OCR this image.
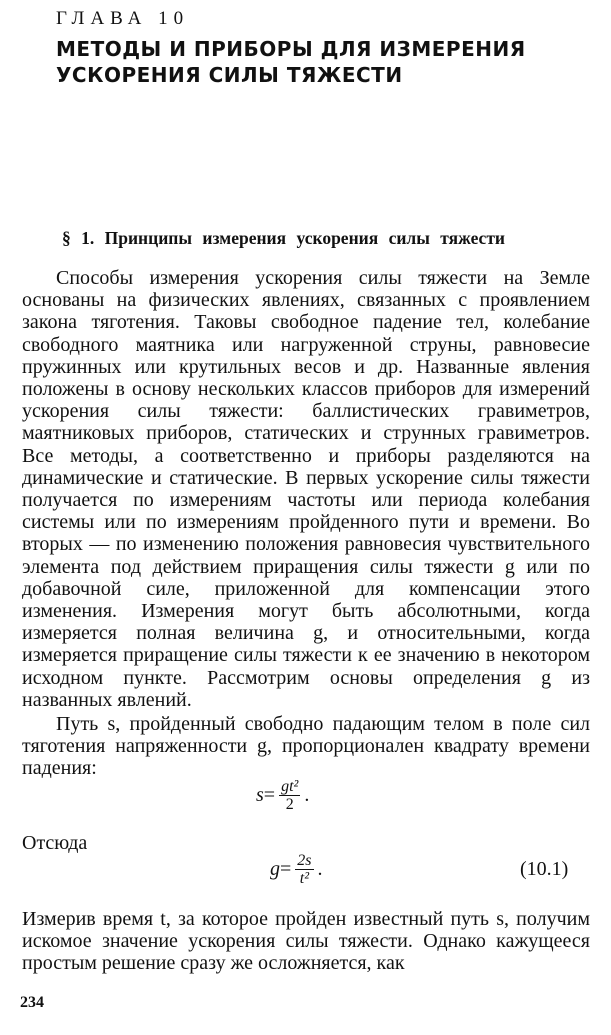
ГЛАВА 10
МЕТОДЫ И ПРИБОРЫ ДЛЯ ИЗМЕРЕНИЯ
УСКОРЕНИЯ СИЛЫ ТЯЖЕСТИ
§ 1. Принципы измерения ускорения силы тяжести
Способы измерения ускорения силы тяжести на Земле основаны на физических явлениях, связанных с проявлением закона тяготения. Таковы свободное падение тел, колебание свободного маятника или нагруженной струны, равновесие пружинных или крутильных весов и др. Названные явления положены в основу нескольких классов приборов для измерений ускорения силы тяжести: баллистических гравиметров, маятниковых приборов, статических и струнных гравиметров. Все методы, а соответственно и приборы разделяются на динамические и статические. В первых ускорение силы тяжести получается по измерениям частоты или периода колебания системы или по измерениям пройденного пути и времени. Во вторых — по изменению положения равновесия чувствительного элемента под действием приращения силы тяжести g или по добавочной силе, приложенной для компенсации этого изменения. Измерения могут быть абсолютными, когда измеряется полная величина g, и относительными, когда измеряется приращение силы тяжести к ее значению в некотором исходном пункте. Рассмотрим основы определения g из названных явлений.
Путь s, пройденный свободно падающим телом в поле сил тяготения напряженности g, пропорционален квадрату времени падения:
$s = \frac{\text{gt²}}{2}$ .
Отсюда
$g = \frac{2s}{\text{t²}}$ .	(10.1)
Измерив время t, за которое пройден известный путь s, получим искомое значение ускорения силы тяжести. Однако кажущееся простым решение сразу же осложняется, как
234
